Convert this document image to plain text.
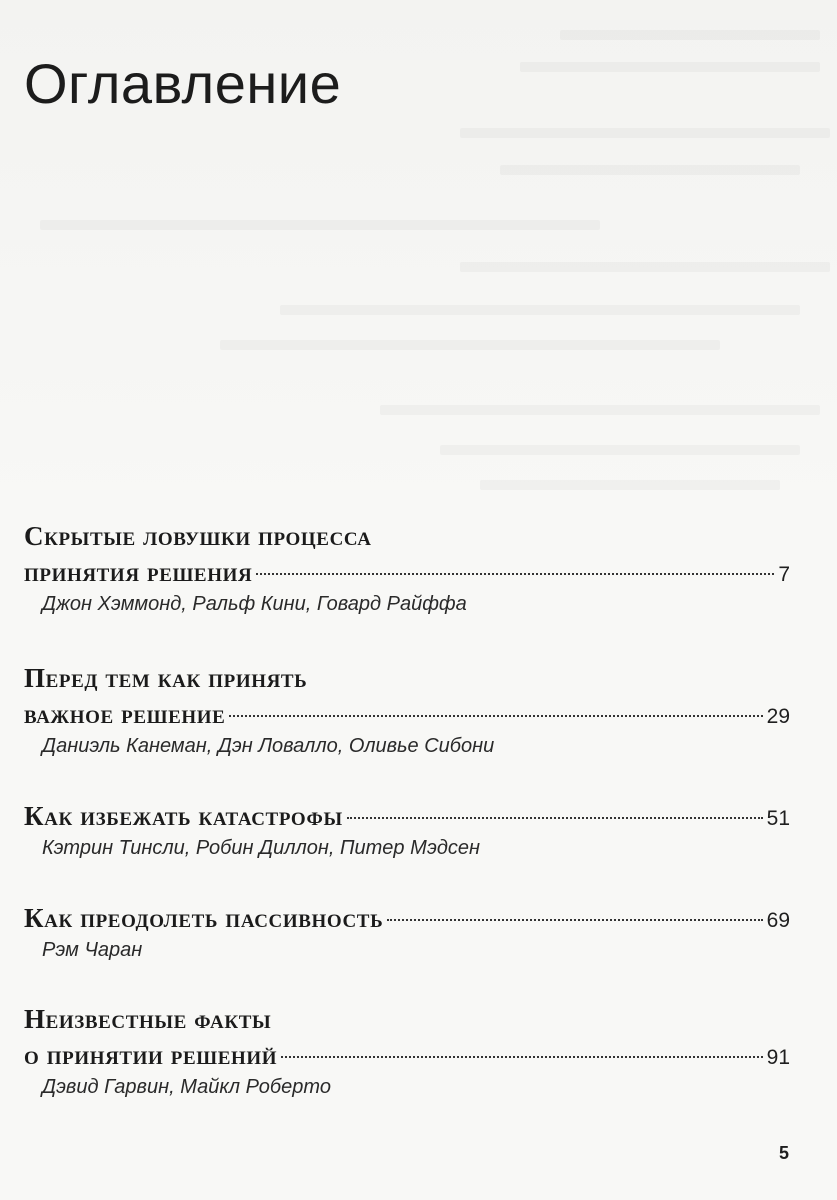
Оглавление
Скрытые ловушки процесса
принятия решения	7
Джон Хэммонд, Ральф Кини, Говард Райффа
Перед тем как принять
важное решение	29
Даниэль Канеман, Дэн Ловалло, Оливье Сибони
Как избежать катастрофы	51
Кэтрин Тинсли, Робин Диллон, Питер Мэдсен
Как преодолеть пассивность	69
Рэм Чаран
Неизвестные факты
о принятии решений	91
Дэвид Гарвин, Майкл Роберто
5
